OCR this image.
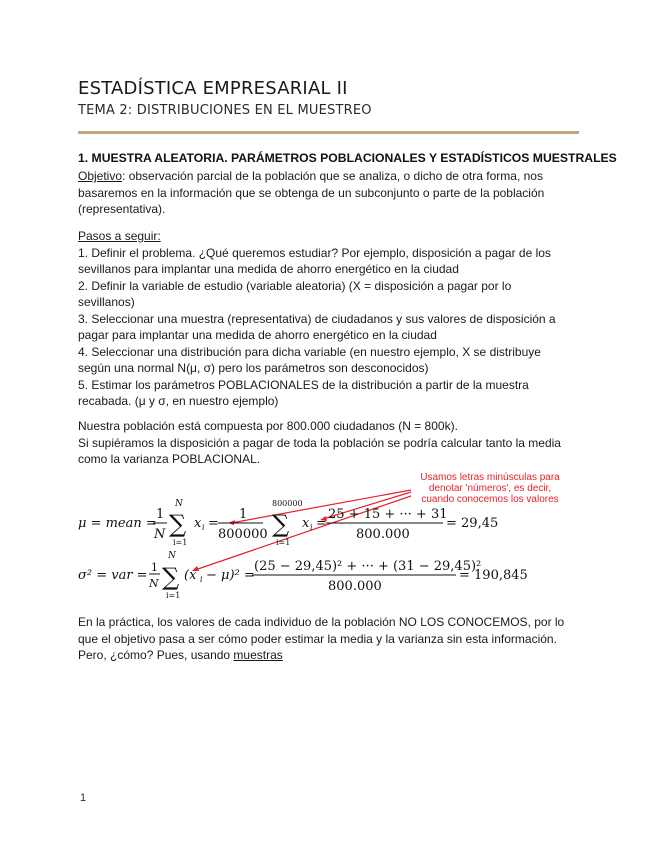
ESTADÍSTICA EMPRESARIAL II
TEMA 2: DISTRIBUCIONES EN EL MUESTREO
1. MUESTRA ALEATORIA. PARÁMETROS POBLACIONALES Y ESTADÍSTICOS MUESTRALES
Objetivo: observación parcial de la población que se analiza, o dicho de otra forma, nos basaremos en la información que se obtenga de un subconjunto o parte de la población (representativa).
Pasos a seguir:
1. Definir el problema. ¿Qué queremos estudiar? Por ejemplo, disposición a pagar de los
sevillanos para implantar una medida de ahorro energético en la ciudad
2. Definir la variable de estudio (variable aleatoria) (X = disposición a pagar por lo
sevillanos)
3. Seleccionar una muestra (representativa) de ciudadanos y sus valores de disposición a
pagar para implantar una medida de ahorro energético en la ciudad
4. Seleccionar una distribución para dicha variable (en nuestro ejemplo, X se distribuye
según una normal N(μ, σ) pero los parámetros son desconocidos)
5. Estimar los parámetros POBLACIONALES de la distribución a partir de la muestra
recabada. (μ y σ, en nuestro ejemplo)
Nuestra población está compuesta por 800.000 ciudadanos (N = 800k).
Si supiéramos la disposición a pagar de toda la población se podría calcular tanto la media como la varianza POBLACIONAL.
Usamos letras minúsculas para
denotar 'números', es decir,
cuando conocemos los valores
μ = mean =
1
N
N
∑
i=1
x i =
1
800000
800000
∑
i=1
x i =
25 + 15 + ··· + 31
800.000
= 29,45
σ² = var =
1
N
N
∑
i=1
(x i − μ)² =
(25 − 29,45)² + ··· + (31 − 29,45)²
800.000
= 190,845
En la práctica, los valores de cada individuo de la población NO LOS CONOCEMOS, por lo que el objetivo pasa a ser cómo poder estimar la media y la varianza sin esta información. Pero, ¿cómo? Pues, usando muestras
1
